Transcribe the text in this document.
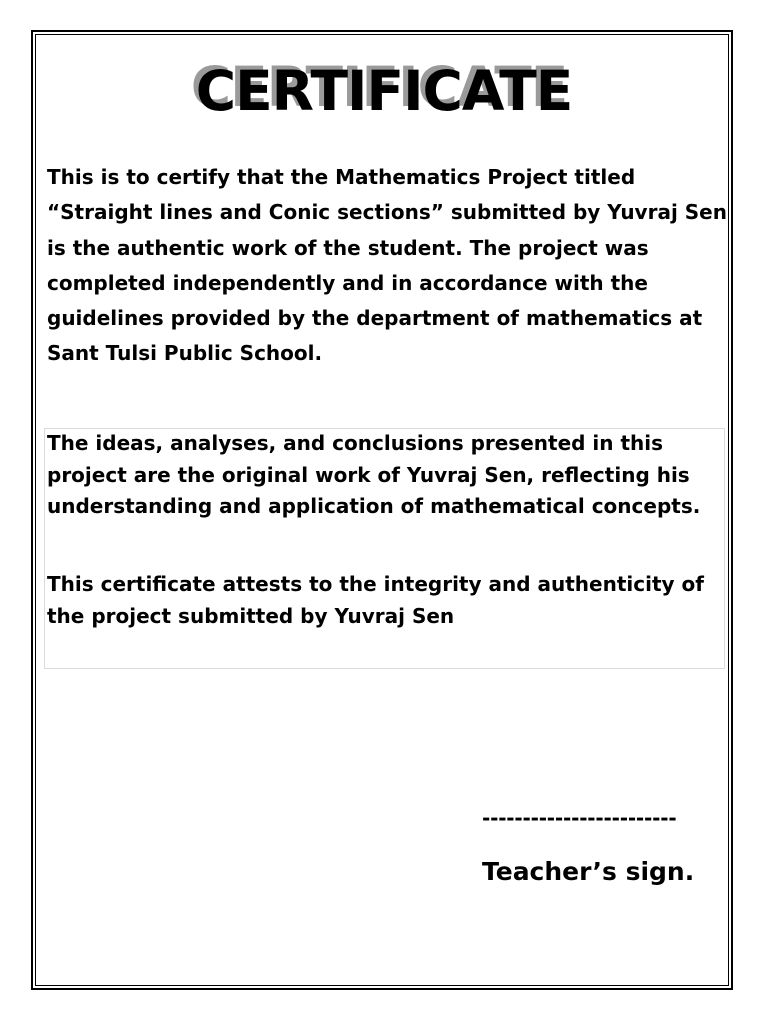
CERTIFICATE

This is to certify that the Mathematics Project titled “Straight lines and Conic sections” submitted by Yuvraj Sen is the authentic work of the student. The project was completed independently and in accordance with the guidelines provided by the department of mathematics at Sant Tulsi Public School.

The ideas, analyses, and conclusions presented in this project are the original work of Yuvraj Sen, reflecting his understanding and application of mathematical concepts.

This certificate attests to the integrity and authenticity of the project submitted by Yuvraj Sen

------------------------
Teacher’s sign.
